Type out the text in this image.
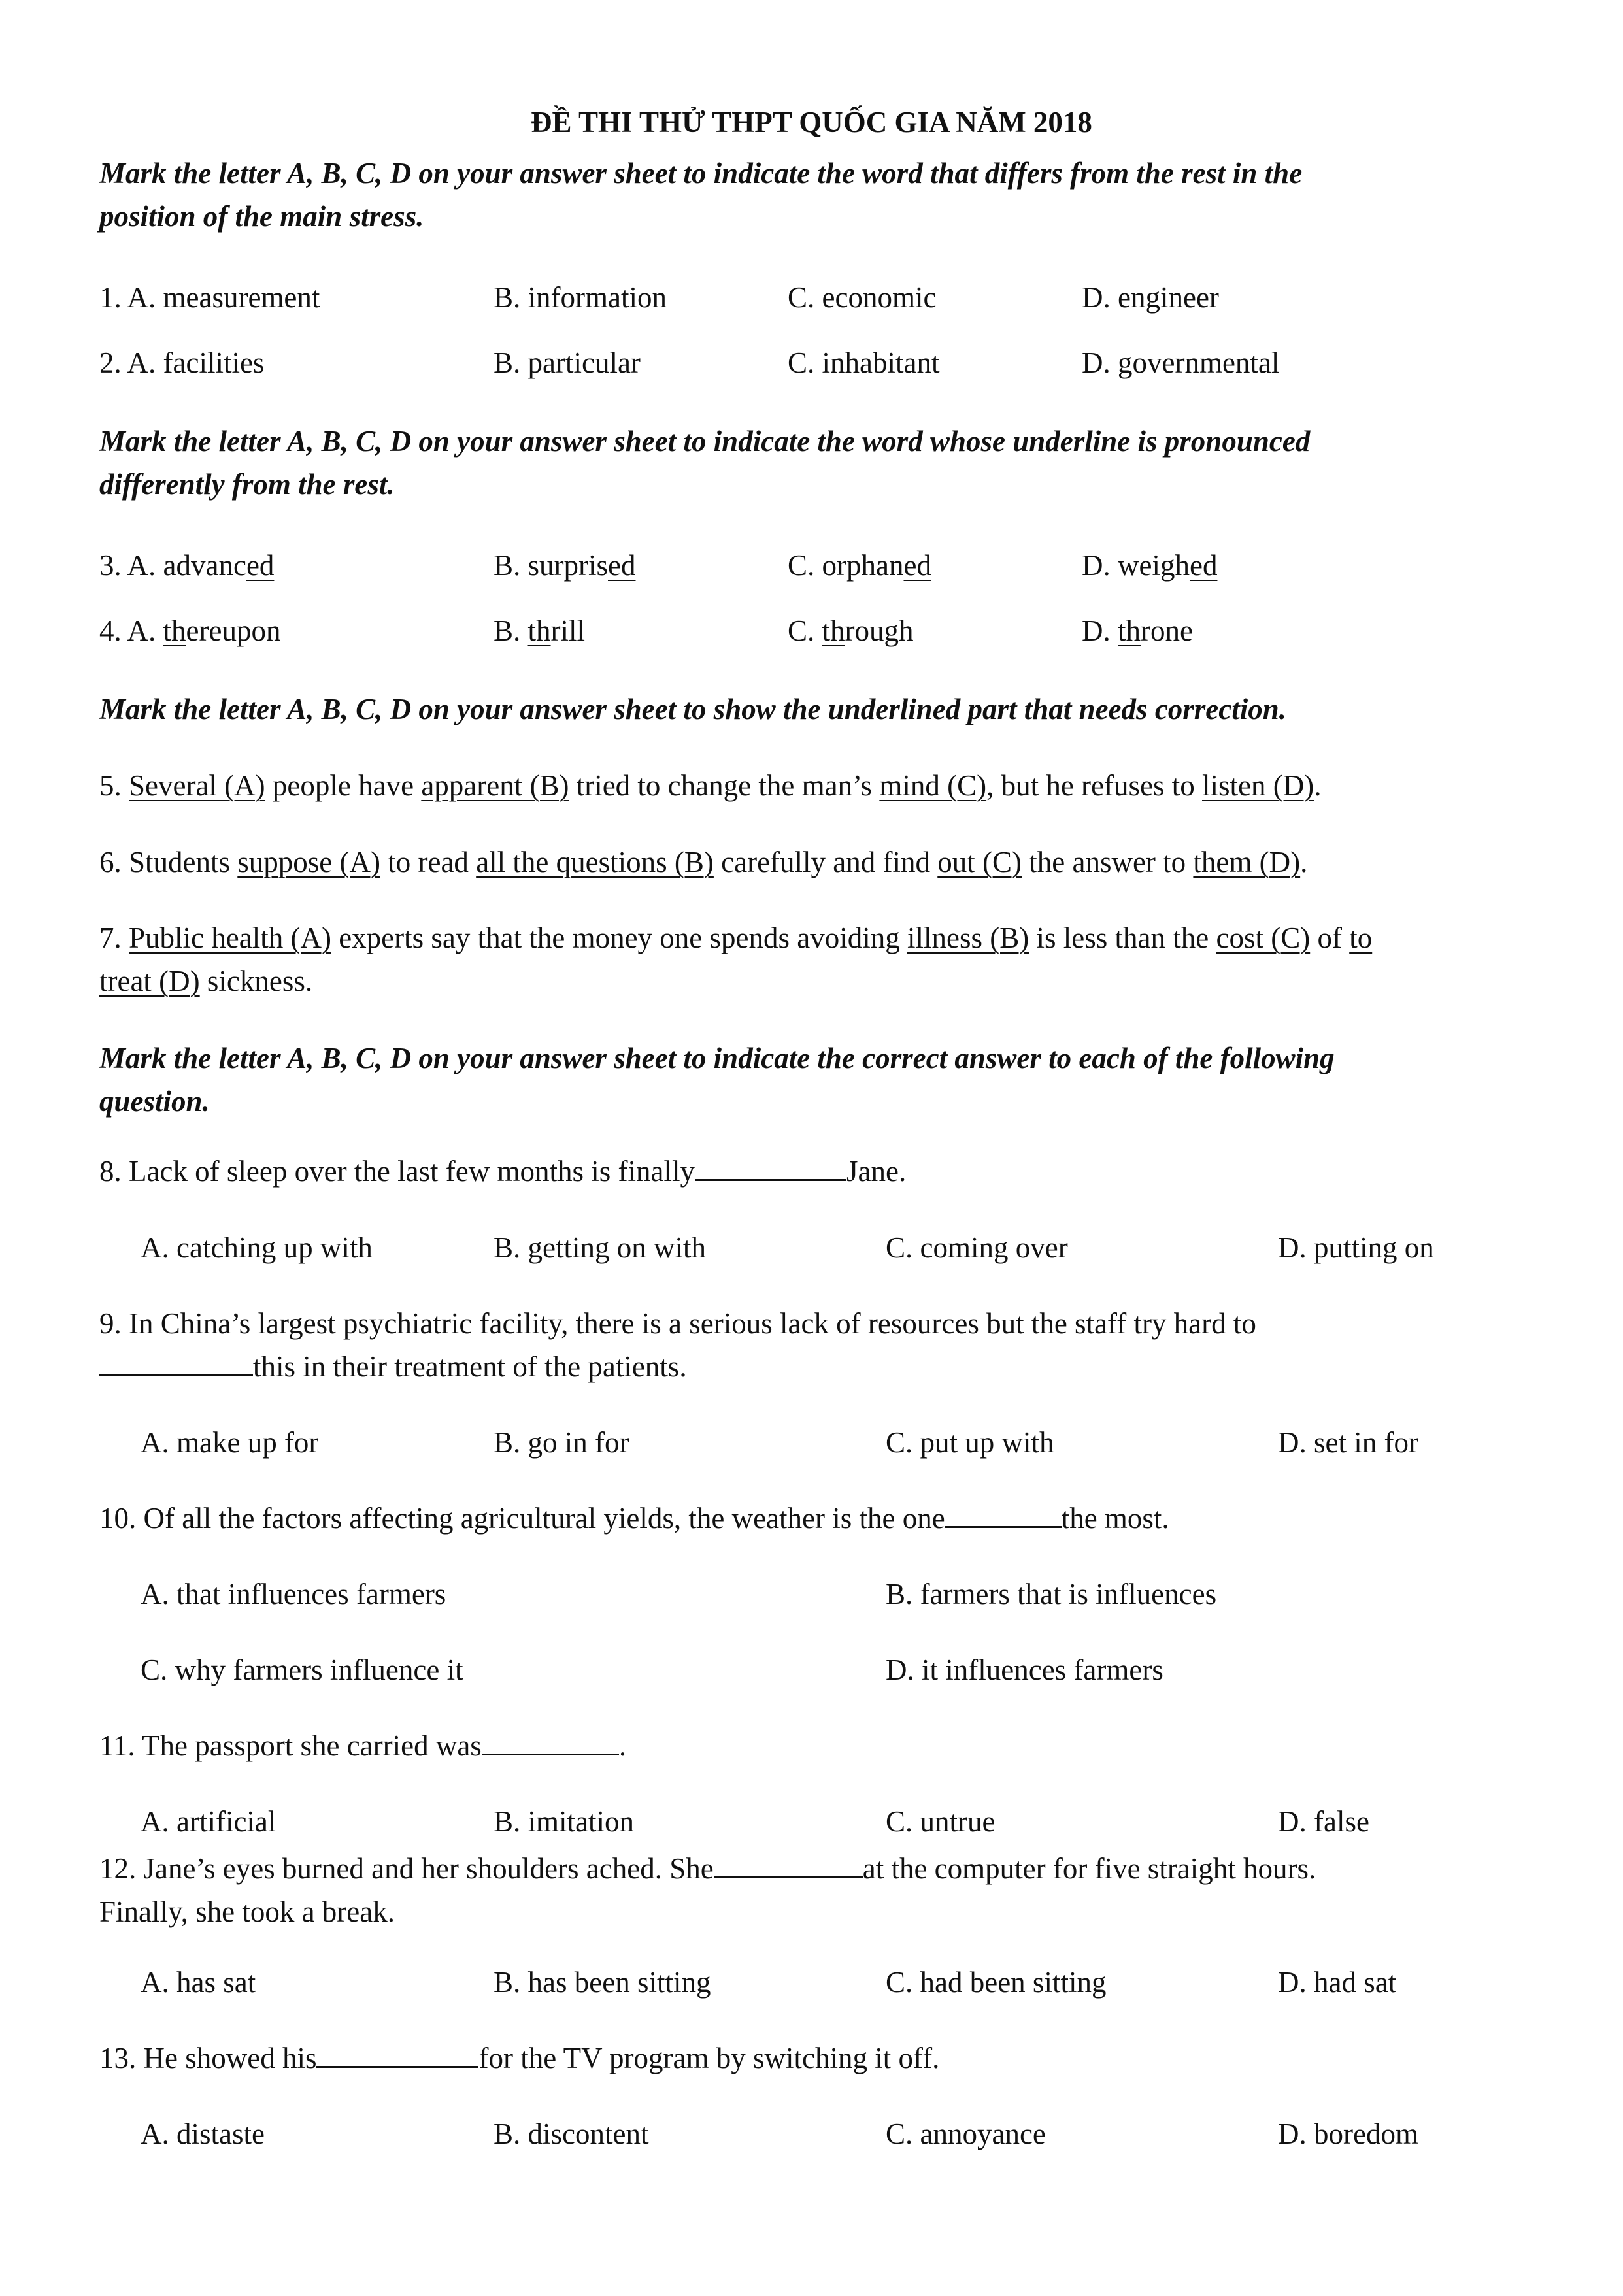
ĐỀ THI THỬ THPT QUỐC GIA NĂM 2018
Mark the letter A, B, C, D on your answer sheet to indicate the word that differs from the rest in the
position of the main stress.
1. A. measurement	B. information	C. economic	D. engineer
2. A. facilities	B. particular	C. inhabitant	D. governmental
Mark the letter A, B, C, D on your answer sheet to indicate the word whose underline is pronounced
differently from the rest.
3. A. advanced	B. surprised	C. orphaned	D. weighed
4. A. thereupon	B. thrill	C. through	D. throne
Mark the letter A, B, C, D on your answer sheet to show the underlined part that needs correction.
5. Several (A) people have apparent (B) tried to change the man’s mind (C), but he refuses to listen (D).
6. Students suppose (A) to read all the questions (B) carefully and find out (C) the answer to them (D).
7. Public health (A) experts say that the money one spends avoiding illness (B) is less than the cost (C) of to
treat (D) sickness.
Mark the letter A, B, C, D on your answer sheet to indicate the correct answer to each of the following
question.
8. Lack of sleep over the last few months is finally	Jane.
A. catching up with	B. getting on with	C. coming over	D. putting on
9. In China’s largest psychiatric facility, there is a serious lack of resources but the staff try hard to
this in their treatment of the patients.
A. make up for	B. go in for	C. put up with	D. set in for
10. Of all the factors affecting agricultural yields, the weather is the one	the most.
A. that influences farmers	B. farmers that is influences
C. why farmers influence it	D. it influences farmers
11. The passport she carried was	.
A. artificial	B. imitation	C. untrue	D. false
12. Jane’s eyes burned and her shoulders ached. She	at the computer for five straight hours.
Finally, she took a break.
A. has sat	B. has been sitting	C. had been sitting	D. had sat
13. He showed his	for the TV program by switching it off.
A. distaste	B. discontent	C. annoyance	D. boredom
